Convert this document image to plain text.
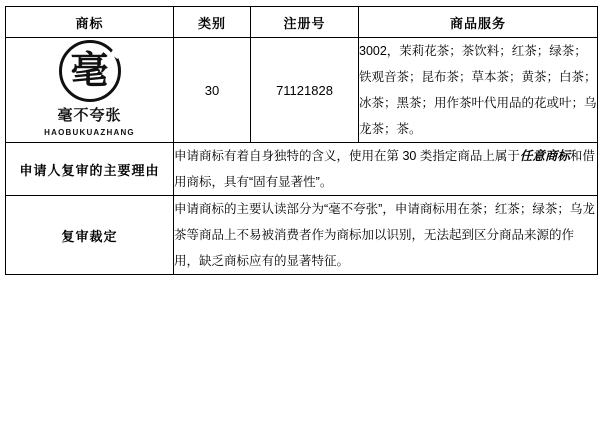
商标	类别	注册号	商品服务

毫
毫不夸张
HAOBUKUAZHANG	30	71121828	3002，茉莉花茶；茶饮料；红茶；绿茶；铁观音茶；昆布茶；草本茶；黄茶；白茶；冰茶；黑茶；用作茶叶代用品的花或叶；乌龙茶；茶。
申请人复审的主要理由	申请商标有着自身独特的含义，使用在第 30 类指定商品上属于任意商标和借用商标，具有“固有显著性”。		
复审裁定	申请商标的主要认读部分为“毫不夸张”，申请商标用在茶；红茶；绿茶；乌龙茶等商品上不易被消费者作为商标加以识别，无法起到区分商品来源的作用，缺乏商标应有的显著特征。		
